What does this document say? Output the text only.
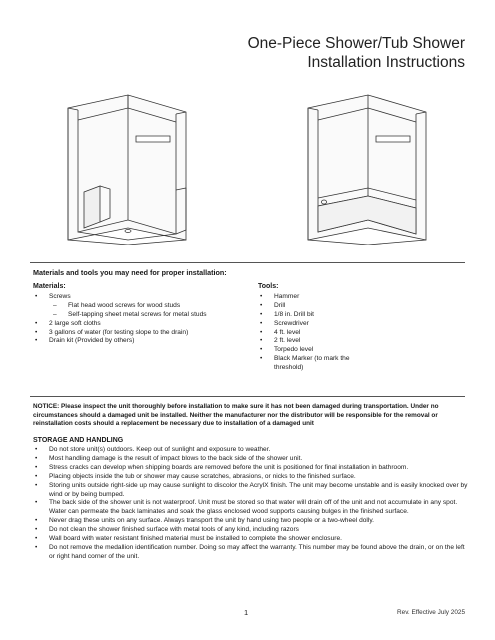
One-Piece Shower/Tub Shower
Installation Instructions
Materials and tools you may need for proper installation:
Materials:
• Screws
– Flat head wood screws for wood studs
– Self-tapping sheet metal screws for metal studs
• 2 large soft cloths
• 3 gallons of water (for testing slope to the drain)
• Drain kit (Provided by others)
Tools:
• Hammer
• Drill
• 1/8 in. Drill bit
• Screwdriver
• 4 ft. level
• 2 ft. level
• Torpedo level
• Black Marker (to mark the threshold)
NOTICE: Please inspect the unit thoroughly before installation to make sure it has not been damaged during transportation. Under no circumstances should a damaged unit be installed. Neither the manufacturer nor the distributor will be responsible for the removal or reinstallation costs should a replacement be necessary due to installation of a damaged unit
STORAGE AND HANDLING
• Do not store unit(s) outdoors. Keep out of sunlight and exposure to weather.
• Most handling damage is the result of impact blows to the back side of the shower unit.
• Stress cracks can develop when shipping boards are removed before the unit is positioned for final installation in bathroom.
• Placing objects inside the tub or shower may cause scratches, abrasions, or nicks to the finished surface.
• Storing units outside right-side up may cause sunlight to discolor the AcrylX finish. The unit may become unstable and is easily knocked over by wind or by being bumped.
• The back side of the shower unit is not waterproof. Unit must be stored so that water will drain off of the unit and not accumulate in any spot. Water can permeate the back laminates and soak the glass enclosed wood supports causing bulges in the finished surface.
• Never drag these units on any surface. Always transport the unit by hand using two people or a two-wheel dolly.
• Do not clean the shower finished surface with metal tools of any kind, including razors
• Wall board with water resistant finished material must be installed to complete the shower enclosure.
• Do not remove the medallion identification number. Doing so may affect the warranty. This number may be found above the drain, or on the left or right hand corner of the unit.
1	Rev. Effective July 2025
